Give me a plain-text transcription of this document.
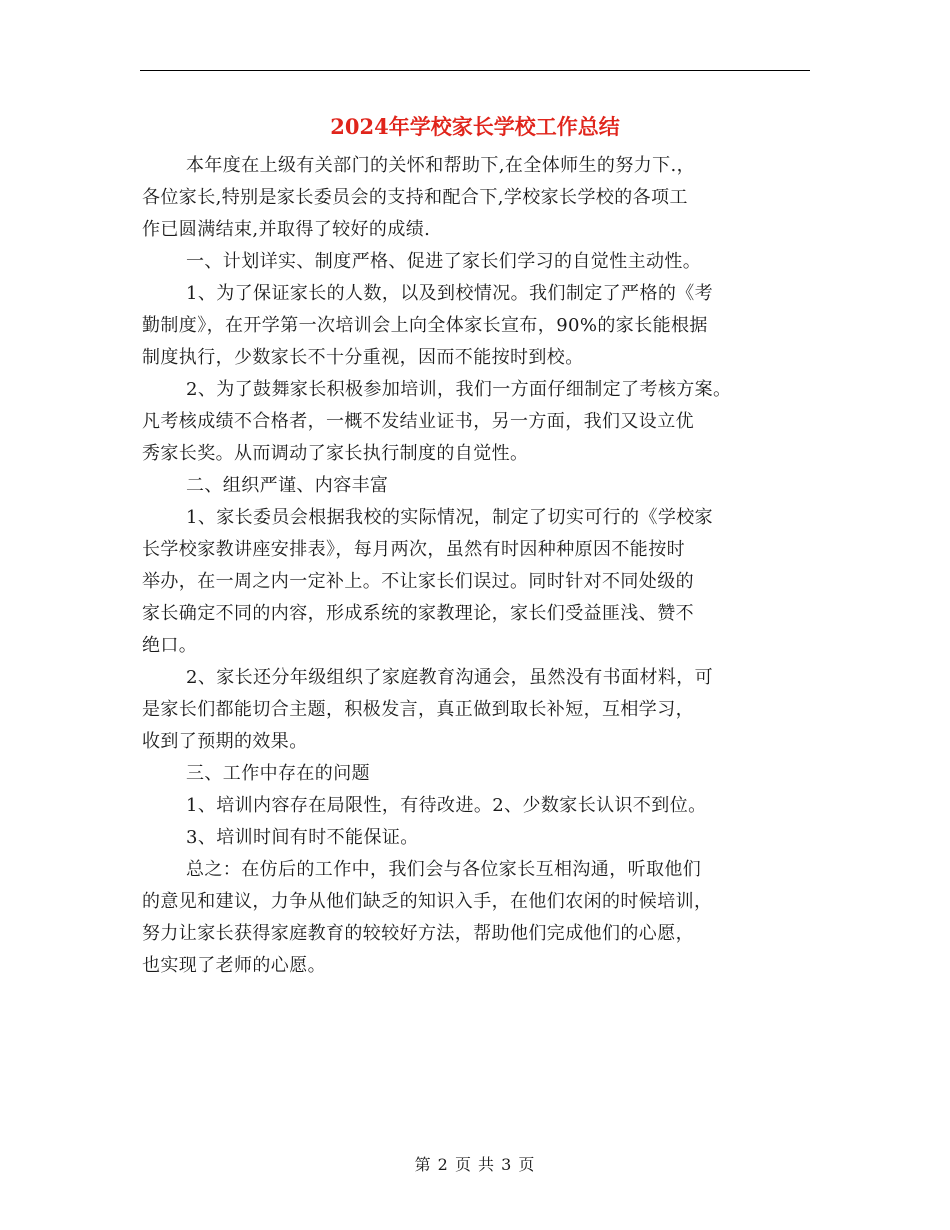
2024年学校家长学校工作总结
本年度在上级有关部门的关怀和帮助下,在全体师生的努力下.，
各位家长,特别是家长委员会的支持和配合下,学校家长学校的各项工
作已圆满结束,并取得了较好的成绩.
一、计划详实、制度严格、促进了家长们学习的自觉性主动性。
1、为了保证家长的人数，以及到校情况。我们制定了严格的《考
勤制度》，在开学第一次培训会上向全体家长宣布，90%的家长能根据
制度执行，少数家长不十分重视，因而不能按时到校。
2、为了鼓舞家长积极参加培训，我们一方面仔细制定了考核方案。
凡考核成绩不合格者，一概不发结业证书，另一方面，我们又设立优
秀家长奖。从而调动了家长执行制度的自觉性。
二、组织严谨、内容丰富
1、家长委员会根据我校的实际情况，制定了切实可行的《学校家
长学校家教讲座安排表》，每月两次，虽然有时因种种原因不能按时
举办，在一周之内一定补上。不让家长们误过。同时针对不同处级的
家长确定不同的内容，形成系统的家教理论，家长们受益匪浅、赞不
绝口。
2、家长还分年级组织了家庭教育沟通会，虽然没有书面材料，可
是家长们都能切合主题，积极发言，真正做到取长补短，互相学习，
收到了预期的效果。
三、工作中存在的问题
1、培训内容存在局限性，有待改进。2、少数家长认识不到位。
3、培训时间有时不能保证。
总之：在仿后的工作中，我们会与各位家长互相沟通，听取他们
的意见和建议，力争从他们缺乏的知识入手，在他们农闲的时候培训，
努力让家长获得家庭教育的较较好方法，帮助他们完成他们的心愿，
也实现了老师的心愿。
第 2 页 共 3 页
